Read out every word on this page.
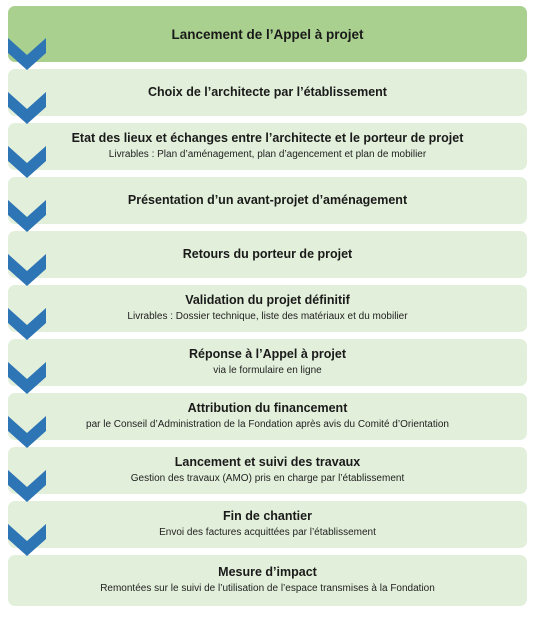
Lancement de l’Appel à projet
Choix de l’architecte par l’établissement
Etat des lieux et échanges entre l’architecte et le porteur de projet
Livrables : Plan d’aménagement, plan d’agencement et plan de mobilier
Présentation d’un avant-projet d’aménagement
Retours du porteur de projet
Validation du projet définitif
Livrables : Dossier technique, liste des matériaux et du mobilier
Réponse à l’Appel à projet
via le formulaire en ligne
Attribution du financement
par le Conseil d’Administration de la Fondation après avis du Comité d’Orientation
Lancement et suivi des travaux
Gestion des travaux (AMO) pris en charge par l’établissement
Fin de chantier
Envoi des factures acquittées par l’établissement
Mesure d’impact
Remontées sur le suivi de l’utilisation de l’espace transmises à la Fondation
